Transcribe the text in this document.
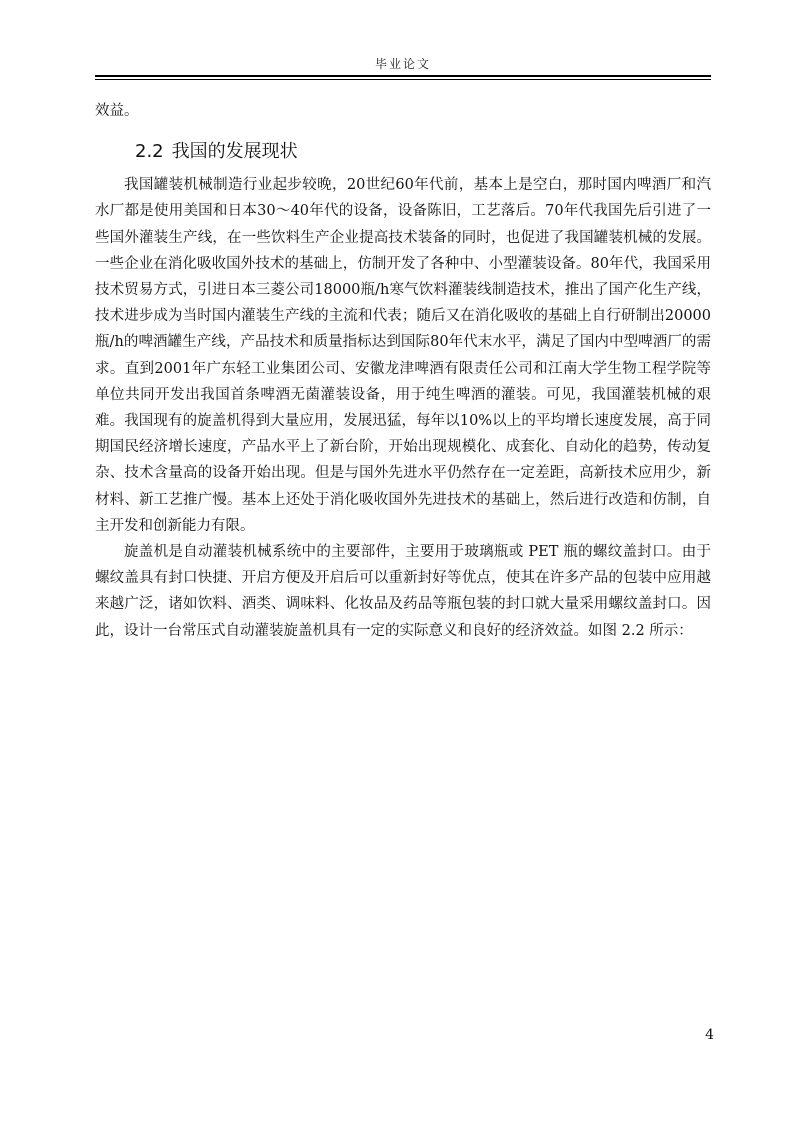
毕业论文

效益。

2.2 我国的发展现状

我国罐装机械制造行业起步较晚，20世纪60年代前，基本上是空白，那时国内啤酒厂和汽水厂都是使用美国和日本30～40年代的设备，设备陈旧，工艺落后。70年代我国先后引进了一些国外灌装生产线，在一些饮料生产企业提高技术装备的同时，也促进了我国罐装机械的发展。一些企业在消化吸收国外技术的基础上，仿制开发了各种中、小型灌装设备。80年代，我国采用技术贸易方式，引进日本三菱公司18000瓶/h寒气饮料灌装线制造技术，推出了国产化生产线，技术进步成为当时国内灌装生产线的主流和代表；随后又在消化吸收的基础上自行研制出20000瓶/h的啤酒罐生产线，产品技术和质量指标达到国际80年代末水平，满足了国内中型啤酒厂的需求。直到2001年广东轻工业集团公司、安徽龙津啤酒有限责任公司和江南大学生物工程学院等单位共同开发出我国首条啤酒无菌灌装设备，用于纯生啤酒的灌装。可见，我国灌装机械的艰难。我国现有的旋盖机得到大量应用，发展迅猛，每年以10%以上的平均增长速度发展，高于同期国民经济增长速度，产品水平上了新台阶，开始出现规模化、成套化、自动化的趋势，传动复杂、技术含量高的设备开始出现。但是与国外先进水平仍然存在一定差距，高新技术应用少，新材料、新工艺推广慢。基本上还处于消化吸收国外先进技术的基础上，然后进行改造和仿制，自主开发和创新能力有限。

旋盖机是自动灌装机械系统中的主要部件，主要用于玻璃瓶或 PET 瓶的螺纹盖封口。由于螺纹盖具有封口快捷、开启方便及开启后可以重新封好等优点，使其在许多产品的包装中应用越来越广泛，诸如饮料、酒类、调味料、化妆品及药品等瓶包装的封口就大量采用螺纹盖封口。因此，设计一台常压式自动灌装旋盖机具有一定的实际意义和良好的经济效益。如图 2.2 所示：

4
